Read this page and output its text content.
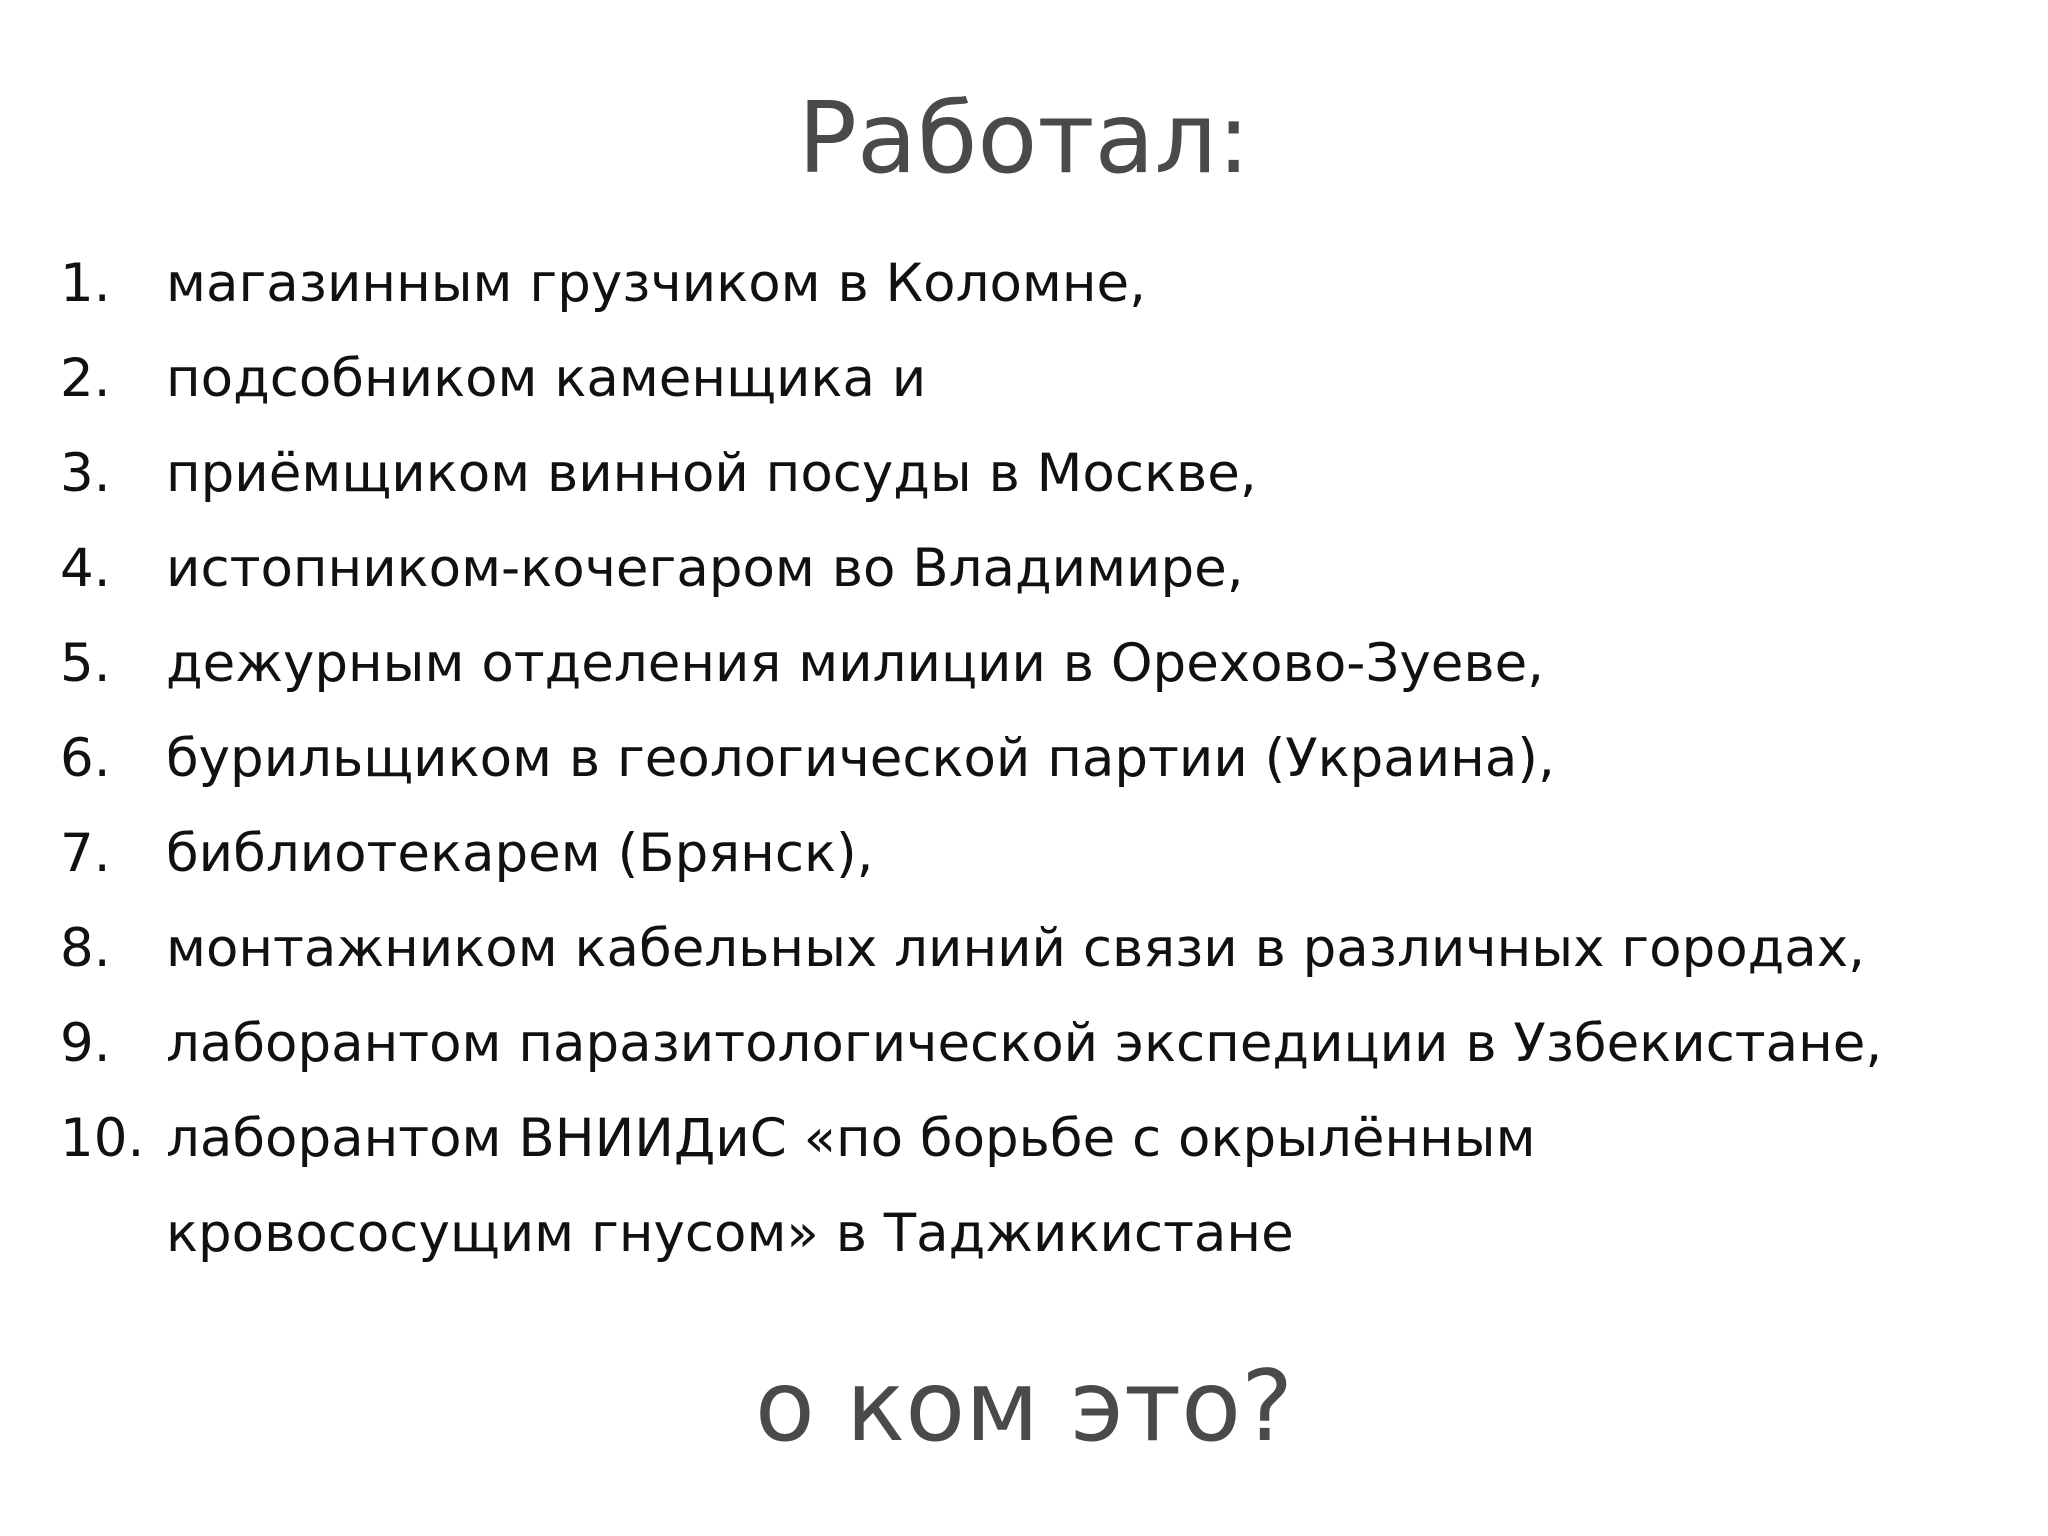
Работал:
1.	магазинным грузчиком в Коломне,
2.	подсобником каменщика и
3.	приёмщиком винной посуды в Москве,
4.	истопником-кочегаром во Владимире,
5.	дежурным отделения милиции в Орехово-Зуеве,
6.	бурильщиком в геологической партии (Украина),
7.	библиотекарем (Брянск),
8.	монтажником кабельных линий связи в различных городах,
9.	лаборантом паразитологической экспедиции в Узбекистане,
10. лаборантом ВНИИДиС «по борьбе с окрылённым
кровососущим гнусом» в Таджикистане
о ком это?
